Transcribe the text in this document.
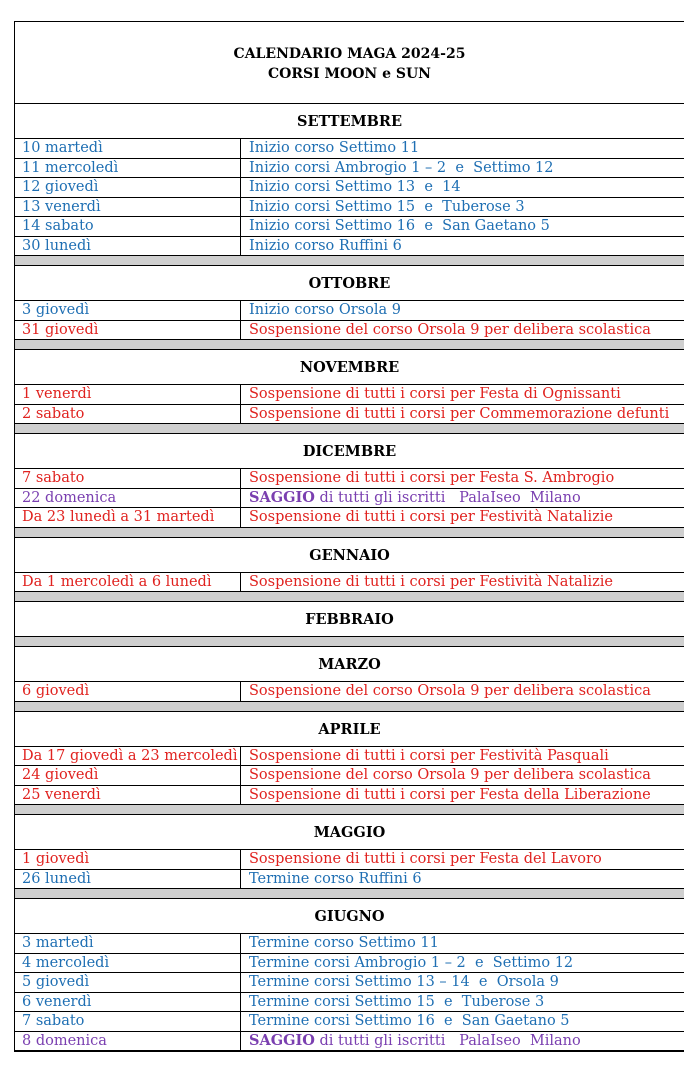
CALENDARIO MAGA 2024-25
CORSI MOON e SUN
SETTEMBRE
10 martedì	Inizio corso Settimo 11
11 mercoledì	Inizio corsi Ambrogio 1 – 2  e  Settimo 12
12 giovedì	Inizio corsi Settimo 13  e  14
13 venerdì	Inizio corsi Settimo 15  e  Tuberose 3
14 sabato	Inizio corsi Settimo 16  e  San Gaetano 5
30 lunedì	Inizio corso Ruffini 6
OTTOBRE
3 giovedì	Inizio corso Orsola 9
31 giovedì	Sospensione del corso Orsola 9 per delibera scolastica
NOVEMBRE
1 venerdì	Sospensione di tutti i corsi per Festa di Ognissanti
2 sabato	Sospensione di tutti i corsi per Commemorazione defunti
DICEMBRE
7 sabato	Sospensione di tutti i corsi per Festa S. Ambrogio
22 domenica	SAGGIO di tutti gli iscritti   PalaIseo  Milano
Da 23 lunedì a 31 martedì	Sospensione di tutti i corsi per Festività Natalizie
GENNAIO
Da 1 mercoledì a 6 lunedì	Sospensione di tutti i corsi per Festività Natalizie
FEBBRAIO
MARZO
6 giovedì	Sospensione del corso Orsola 9 per delibera scolastica
APRILE
Da 17 giovedì a 23 mercoledì Sospensione di tutti i corsi per Festività Pasquali
24 giovedì	Sospensione del corso Orsola 9 per delibera scolastica
25 venerdì	Sospensione di tutti i corsi per Festa della Liberazione
MAGGIO
1 giovedì	Sospensione di tutti i corsi per Festa del Lavoro
26 lunedì	Termine corso Ruffini 6
GIUGNO
3 martedì	Termine corso Settimo 11
4 mercoledì	Termine corsi Ambrogio 1 – 2  e  Settimo 12
5 giovedì	Termine corsi Settimo 13 – 14  e  Orsola 9
6 venerdì	Termine corsi Settimo 15  e  Tuberose 3
7 sabato	Termine corsi Settimo 16  e  San Gaetano 5
8 domenica	SAGGIO di tutti gli iscritti   PalaIseo  Milano
